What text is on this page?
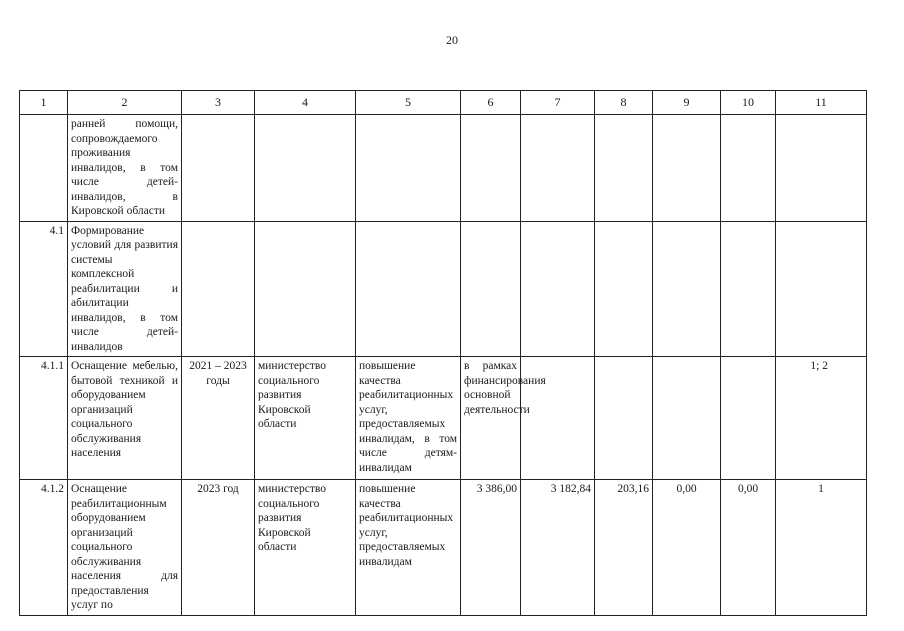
20
1	2	3	4	5	6	7	8	9	10	11
	ранней помощи, сопровождаемого проживания инвалидов, в том числе детей-инвалидов, в Кировской области									
4.1	Формирование условий для развития системы комплексной реабилитации и абилитации инвалидов, в том числе детей-инвалидов									
4.1.1	Оснащение мебелью, бытовой техникой и оборудованием организаций социального обслуживания населения	2021 – 2023 годы	министерство социального развития Кировской области	повышение качества реабилитационных услуг, предоставляемых инвалидам, в том числе детям-инвалидам	в рамках финансирования основной деятельности					1; 2
4.1.2	Оснащение реабилитационным оборудованием организаций социального обслуживания населения для предоставления услуг по	2023 год	министерство социального развития Кировской области	повышение качества реабилитационных услуг, предоставляемых инвалидам	3 386,00	3 182,84	203,16	0,00	0,00	1
